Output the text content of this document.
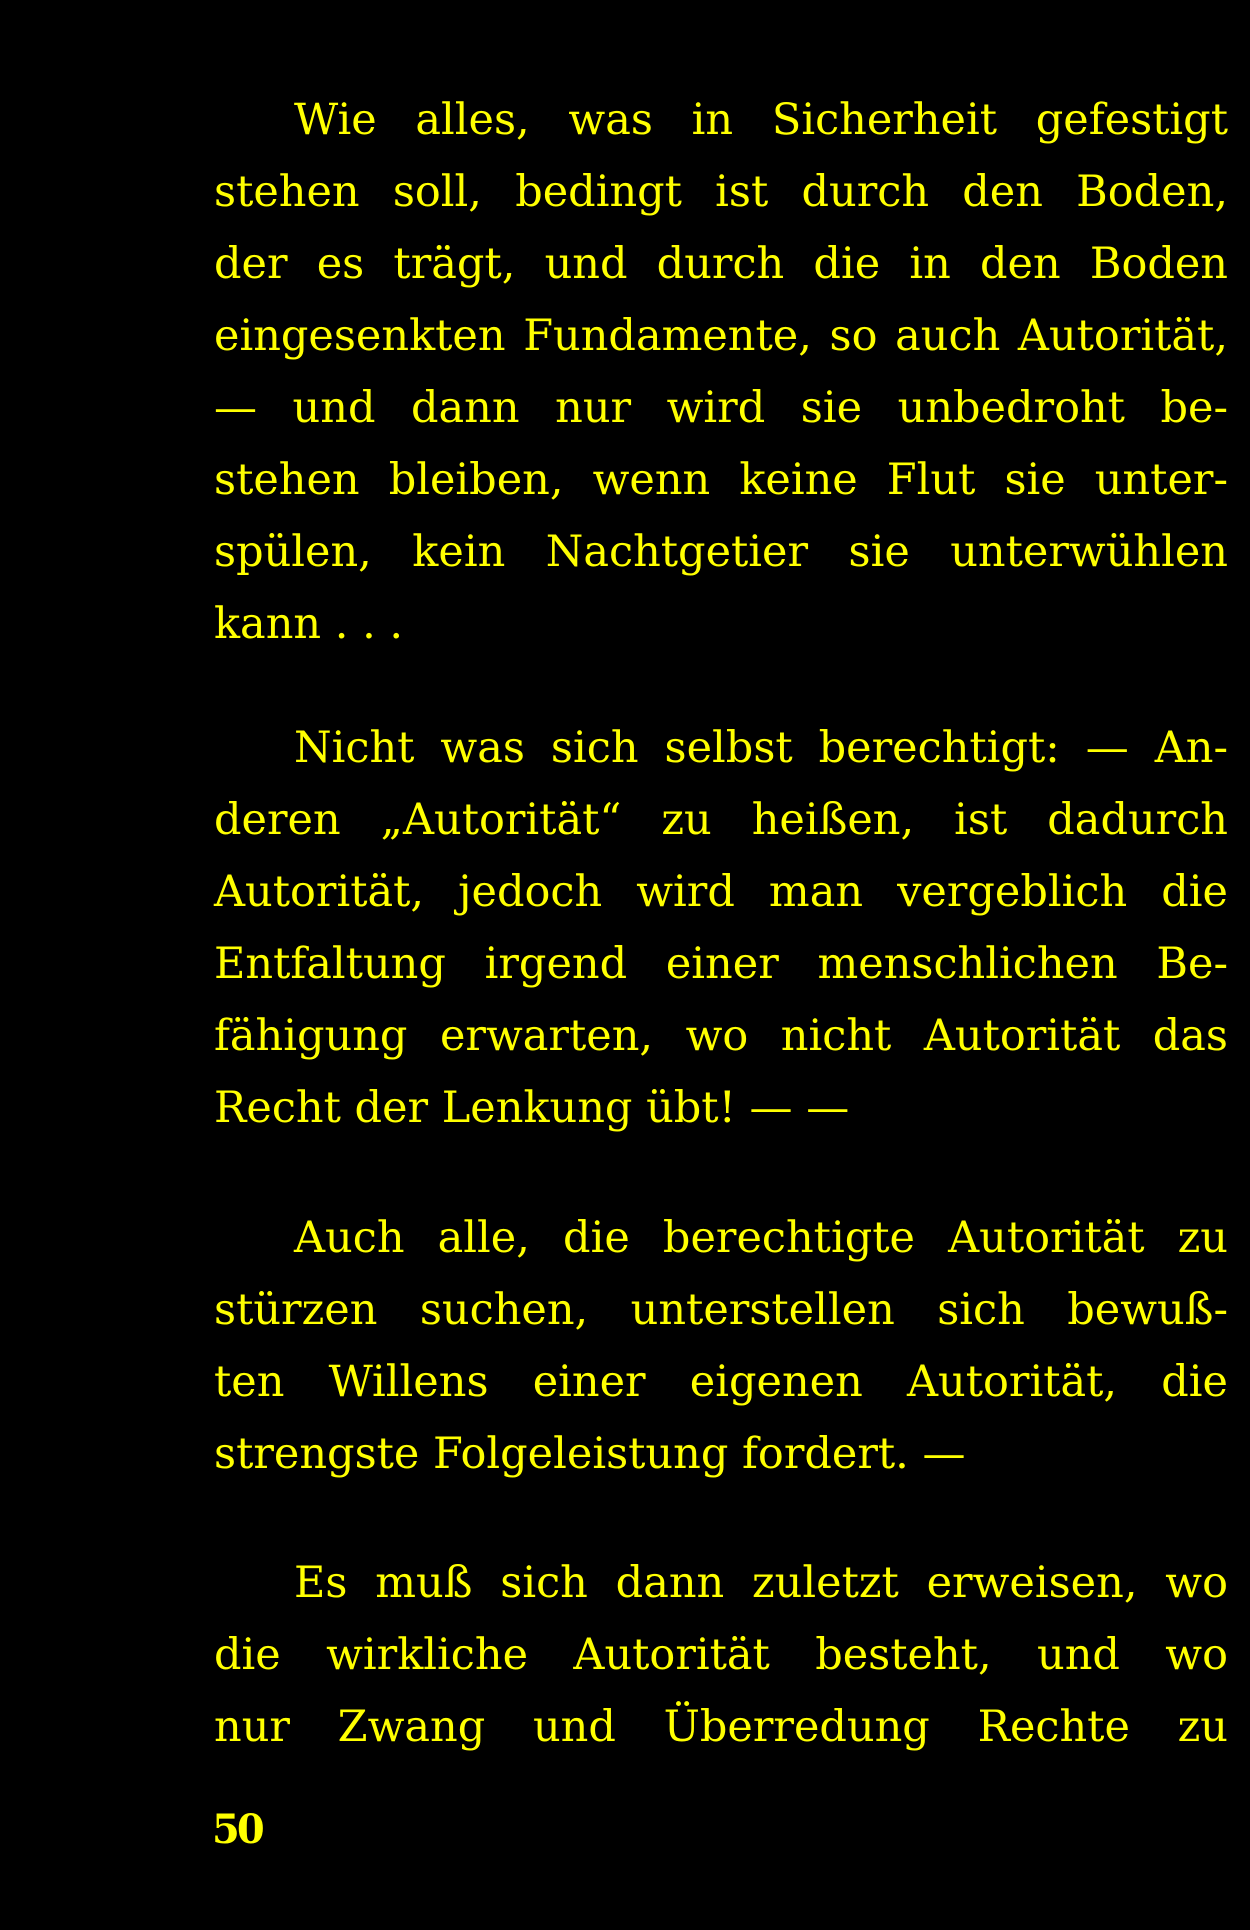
Wie alles, was in Sicherheit gefestigt
stehen soll, bedingt ist durch den Boden,
der es trägt, und durch die in den Boden
eingesenkten Fundamente, so auch Autorität,
— und dann nur wird sie unbedroht be-
stehen bleiben, wenn keine Flut sie unter-
spülen, kein Nachtgetier sie unterwühlen
kann . . .
Nicht was sich selbst berechtigt: — An-
deren „Autorität“ zu heißen, ist dadurch
Autorität, jedoch wird man vergeblich die
Entfaltung irgend einer menschlichen Be-
fähigung erwarten, wo nicht Autorität das
Recht der Lenkung übt! — —
Auch alle, die berechtigte Autorität zu
stürzen suchen, unterstellen sich bewuß-
ten Willens einer eigenen Autorität, die
strengste Folgeleistung fordert. —
Es muß sich dann zuletzt erweisen, wo
die wirkliche Autorität besteht, und wo
nur Zwang und Überredung Rechte zu
50
